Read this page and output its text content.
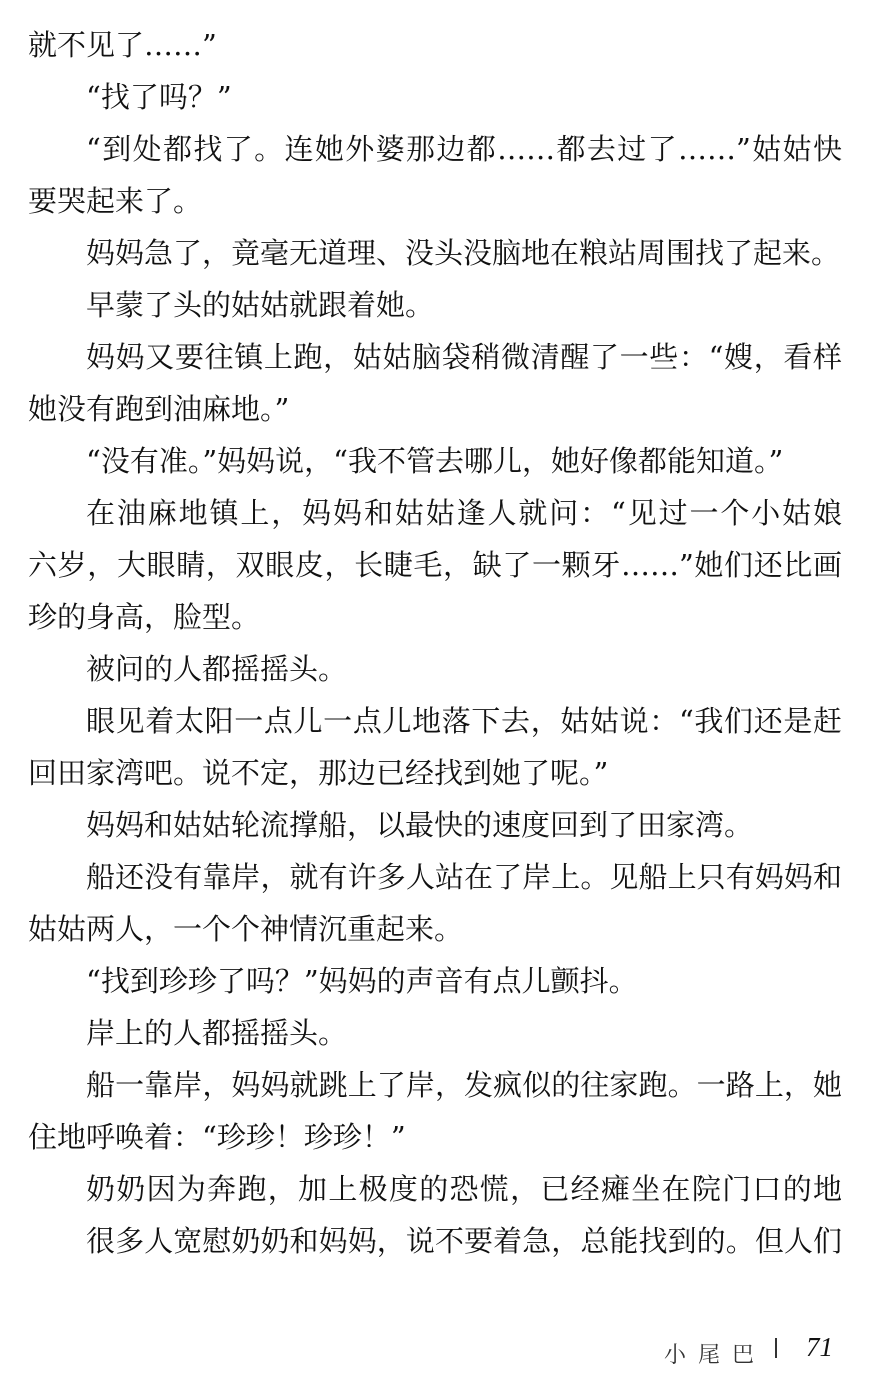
就不见了……”
“找了吗？”
“到处都找了。连她外婆那边都……都去过了……”姑姑快
要哭起来了。
妈妈急了，竟毫无道理、没头没脑地在粮站周围找了起来。
早蒙了头的姑姑就跟着她。
妈妈又要往镇上跑，姑姑脑袋稍微清醒了一些：“嫂，看样
她没有跑到油麻地。”
“没有准。”妈妈说，“我不管去哪儿，她好像都能知道。”
在油麻地镇上，妈妈和姑姑逢人就问：“见过一个小姑娘
六岁，大眼睛，双眼皮，长睫毛，缺了一颗牙……”她们还比画
珍的身高，脸型。
被问的人都摇摇头。
眼见着太阳一点儿一点儿地落下去，姑姑说：“我们还是赶
回田家湾吧。说不定，那边已经找到她了呢。”
妈妈和姑姑轮流撑船，以最快的速度回到了田家湾。
船还没有靠岸，就有许多人站在了岸上。见船上只有妈妈和
姑姑两人，一个个神情沉重起来。
“找到珍珍了吗？”妈妈的声音有点儿颤抖。
岸上的人都摇摇头。
船一靠岸，妈妈就跳上了岸，发疯似的往家跑。一路上，她
住地呼唤着：“珍珍！珍珍！”
奶奶因为奔跑，加上极度的恐慌，已经瘫坐在院门口的地
很多人宽慰奶奶和妈妈，说不要着急，总能找到的。但人们
小尾巴 71
